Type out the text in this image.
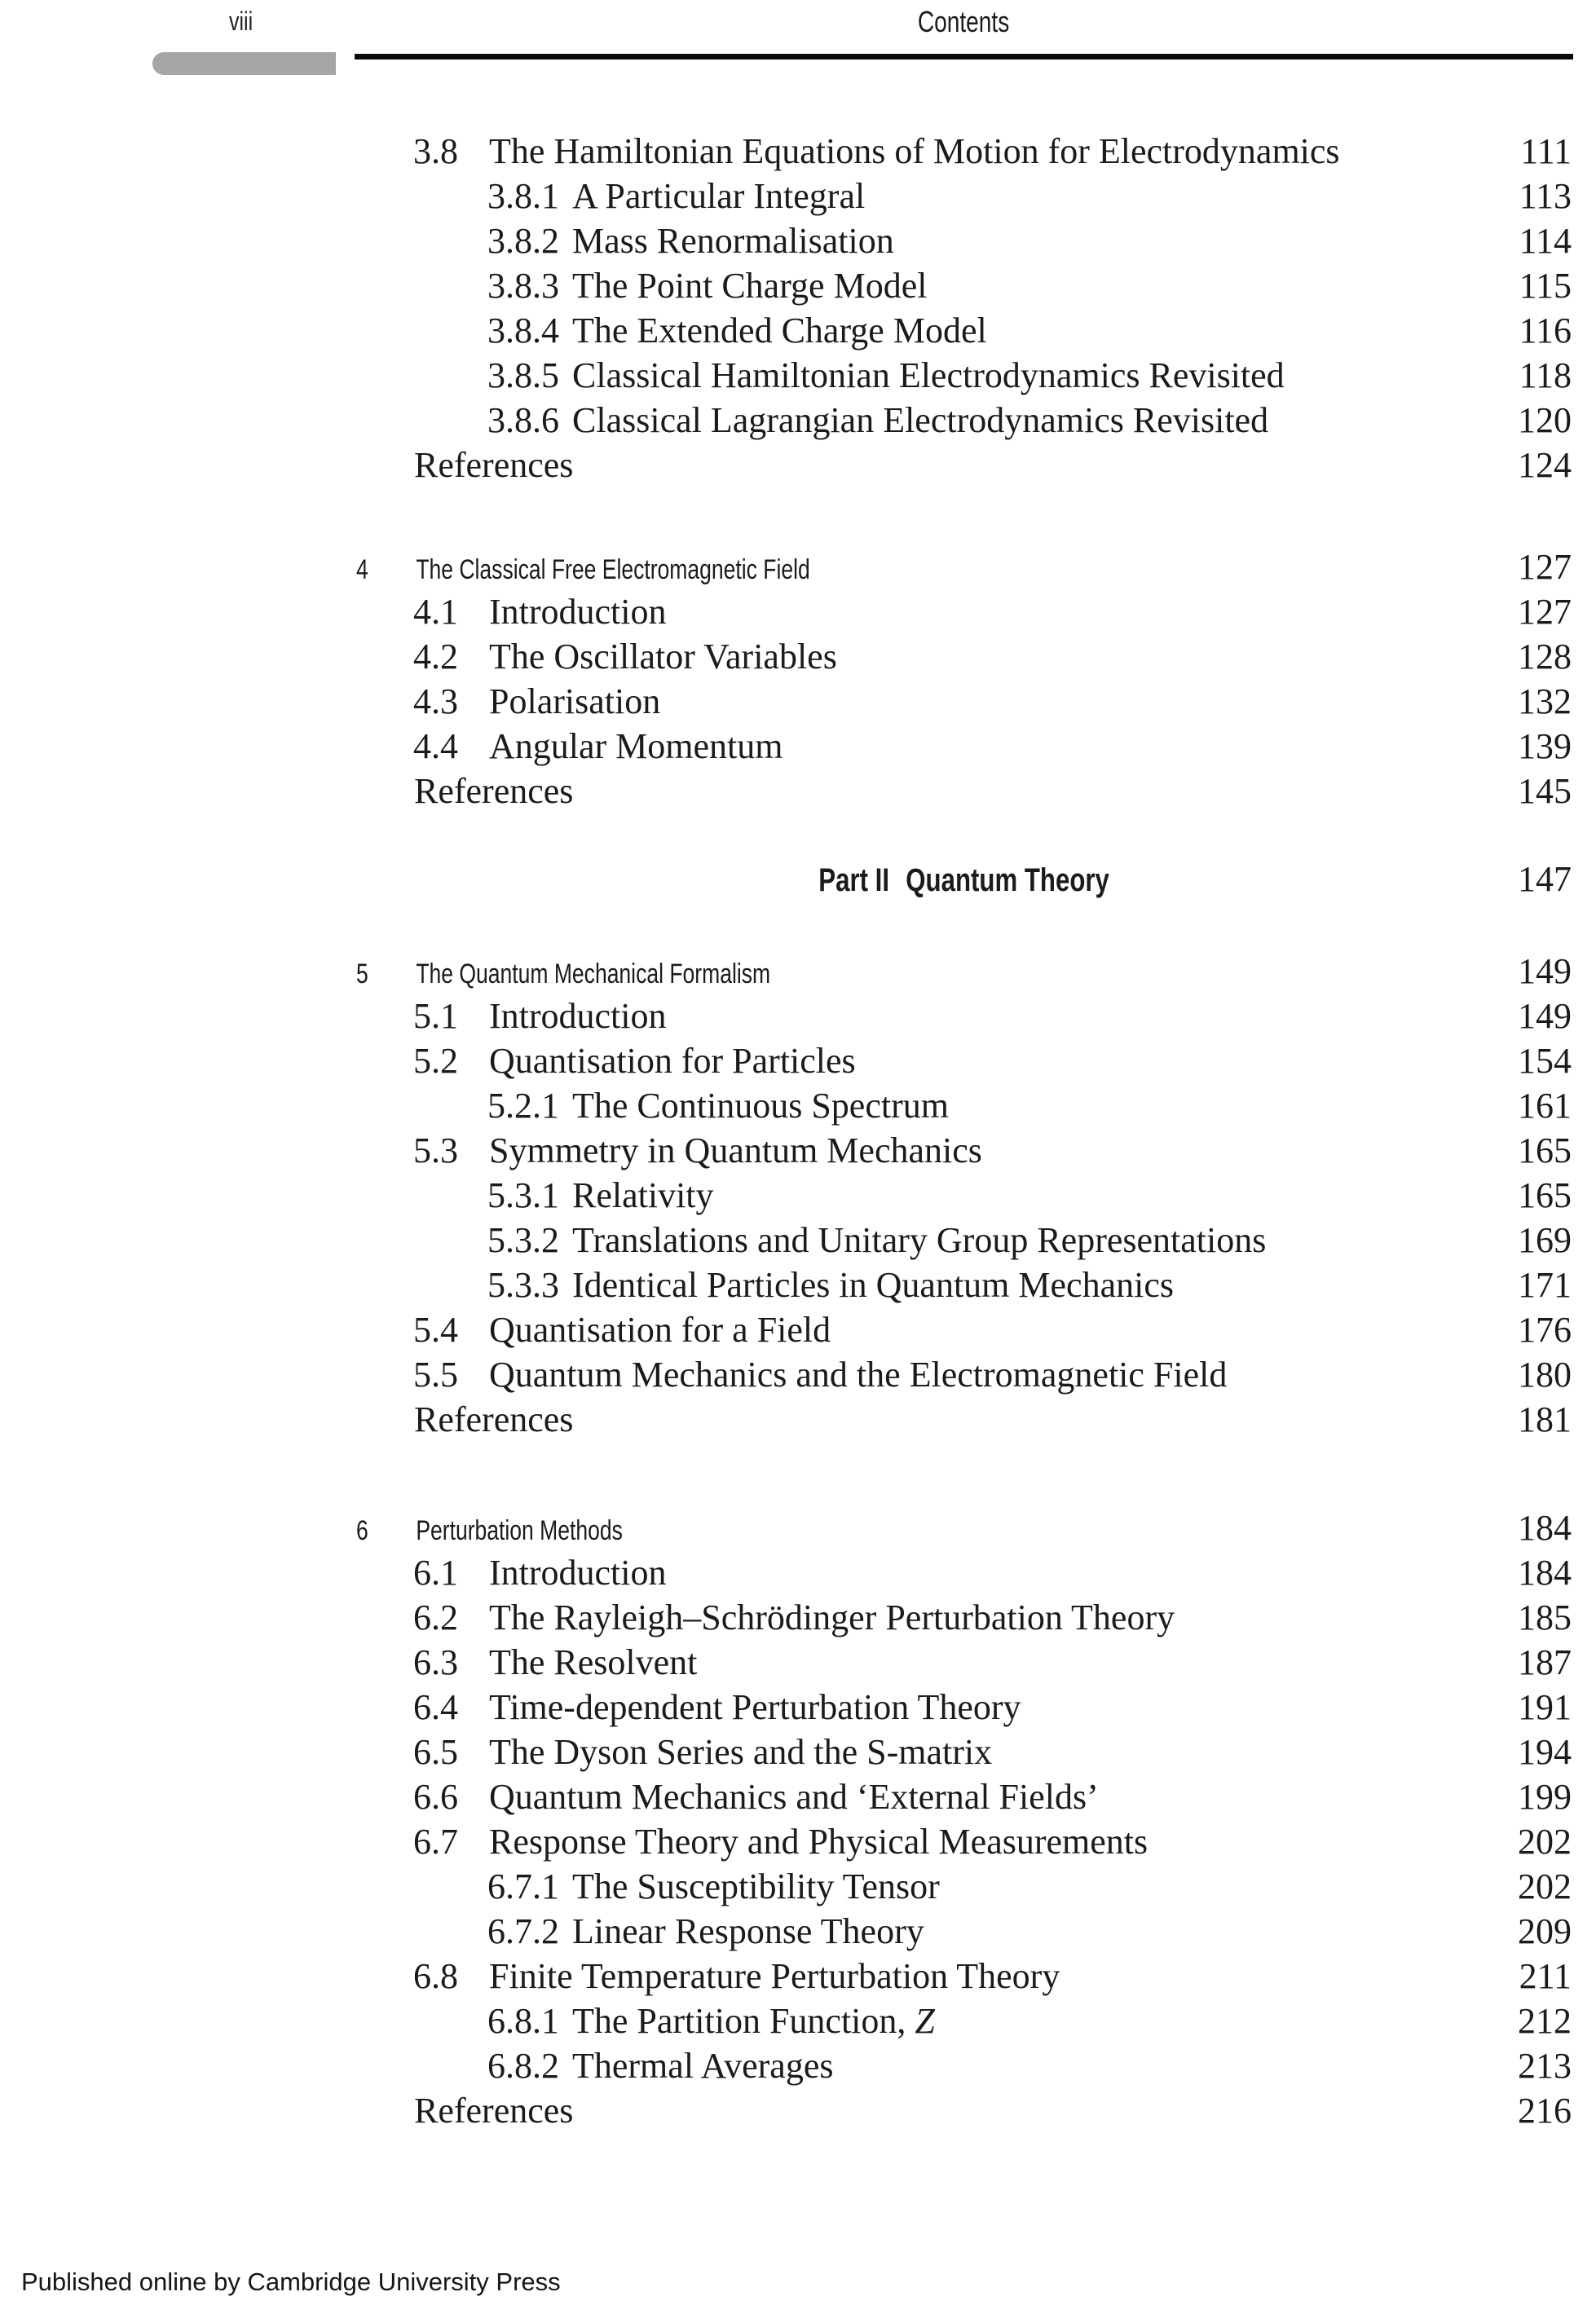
viii	Contents
3.8 The Hamiltonian Equations of Motion for Electrodynamics	111
3.8.1 A Particular Integral	113
3.8.2 Mass Renormalisation	114
3.8.3 The Point Charge Model	115
3.8.4 The Extended Charge Model	116
3.8.5 Classical Hamiltonian Electrodynamics Revisited	118
3.8.6 Classical Lagrangian Electrodynamics Revisited	120
References	124
4 The Classical Free Electromagnetic Field	127
4.1 Introduction	127
4.2 The Oscillator Variables	128
4.3 Polarisation	132
4.4 Angular Momentum	139
References	145
Part II Quantum Theory	147
5 The Quantum Mechanical Formalism	149
5.1 Introduction	149
5.2 Quantisation for Particles	154
5.2.1 The Continuous Spectrum	161
5.3 Symmetry in Quantum Mechanics	165
5.3.1 Relativity	165
5.3.2 Translations and Unitary Group Representations	169
5.3.3 Identical Particles in Quantum Mechanics	171
5.4 Quantisation for a Field	176
5.5 Quantum Mechanics and the Electromagnetic Field	180
References	181
6 Perturbation Methods	184
6.1 Introduction	184
6.2 The Rayleigh–Schrödinger Perturbation Theory	185
6.3 The Resolvent	187
6.4 Time-dependent Perturbation Theory	191
6.5 The Dyson Series and the S-matrix	194
6.6 Quantum Mechanics and ‘External Fields’	199
6.7 Response Theory and Physical Measurements	202
6.7.1 The Susceptibility Tensor	202
6.7.2 Linear Response Theory	209
6.8 Finite Temperature Perturbation Theory	211
6.8.1 The Partition Function, Z	212
6.8.2 Thermal Averages	213
References	216
Published online by Cambridge University Press
